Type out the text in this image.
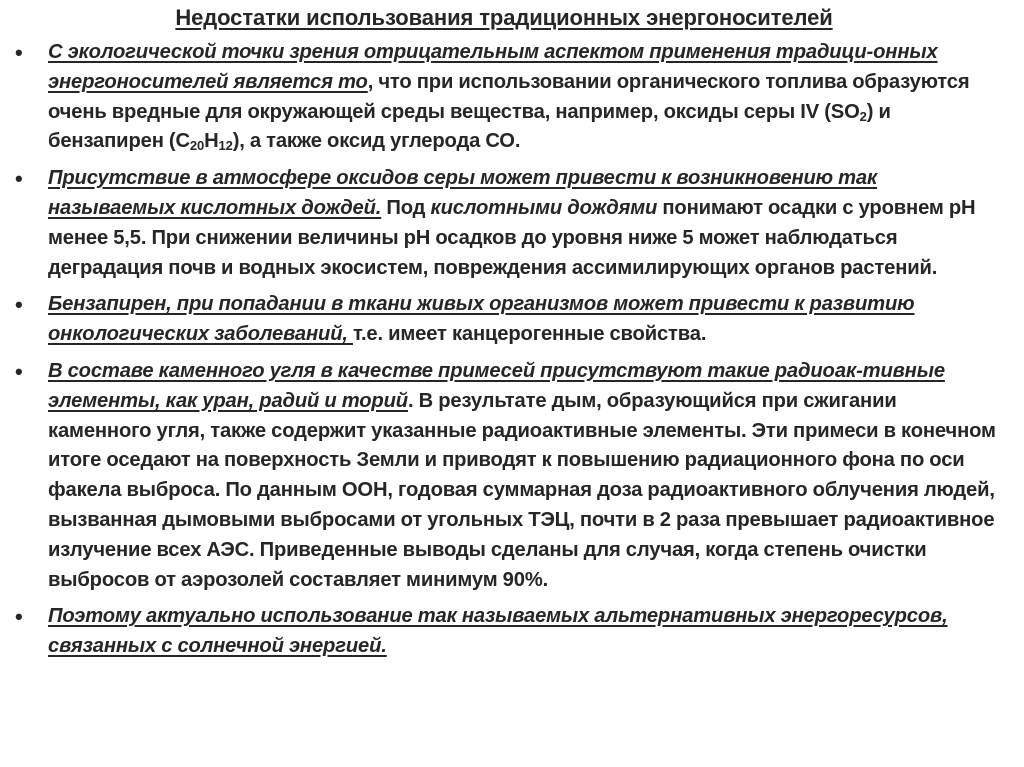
Недостатки использования традиционных энергоносителей
• С экологической точки зрения отрицательным аспектом применения традици-онных энергоносителей является то, что при использовании органического топлива образуются очень вредные для окружающей среды вещества, например, оксиды серы IV $(SO_2)$ и бензапирен $(C_{20}H_{12})$, а также оксид углерода СО.
• Присутствие в атмосфере оксидов серы может привести к возникновению так называемых кислотных дождей. Под кислотными дождями понимают осадки с уровнем рН менее 5,5. При снижении величины рН осадков до уровня ниже 5 может наблюдаться деградация почв и водных экосистем, повреждения ассимилирующих органов растений.
• Бензапирен, при попадании в ткани живых организмов может привести к развитию онкологических заболеваний, т.е. имеет канцерогенные свойства.
• В составе каменного угля в качестве примесей присутствуют такие радиоак-тивные элементы, как уран, радий и торий. В результате дым, образующийся при сжигании каменного угля, также содержит указанные радиоактивные элементы. Эти примеси в конечном итоге оседают на поверхность Земли и приводят к повышению радиационного фона по оси факела выброса. По данным ООН, годовая суммарная доза радиоактивного облучения людей, вызванная дымовыми выбросами от угольных ТЭЦ, почти в 2 раза превышает радиоактивное излучение всех АЭС. Приведенные выводы сделаны для случая, когда степень очистки выбросов от аэрозолей составляет минимум 90%.
• Поэтому актуально использование так называемых альтернативных энергоресурсов, связанных с солнечной энергией.
